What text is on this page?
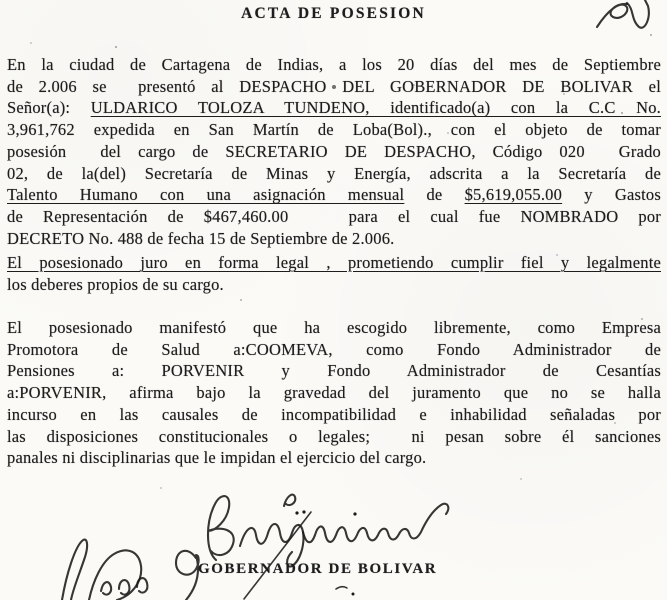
ACTA DE POSESION
En la ciudad de Cartagena de Indias, a los 20 días del mes de Septiembre
de 2.006 se  presentó al DESPACHO DEL GOBERNADOR DE BOLIVAR el
Señor(a): ULDARICO TOLOZA TUNDENO, identificado(a) con la C.C No.
3,961,762 expedida en San Martín de Loba(Bol)., con el objeto de tomar
posesión  del cargo de SECRETARIO DE DESPACHO, Código 020  Grado
02, de la(del) Secretaría de Minas y Energía, adscrita a la Secretaría de
Talento Humano con una asignación mensual de $5,619,055.00 y Gastos
de Representación de $467,460.00   para el cual fue NOMBRADO por
DECRETO No. 488 de fecha 15 de Septiembre de 2.006.
El posesionado juro en forma legal , prometiendo cumplir fiel y legalmente
los deberes propios de su cargo.
El posesionado manifestó que ha escogido libremente, como Empresa
Promotora de Salud a:COOMEVA, como Fondo Administrador de
Pensiones a: PORVENIR y Fondo Administrador de Cesantías
a:PORVENIR, afirma bajo la gravedad del juramento que no se halla
incurso en las causales de incompatibilidad e inhabilidad señaladas por
las disposiciones constitucionales o legales;  ni pesan sobre él sanciones
panales ni disciplinarias que le impidan el ejercicio del cargo.
GOBERNADOR DE BOLIVAR
